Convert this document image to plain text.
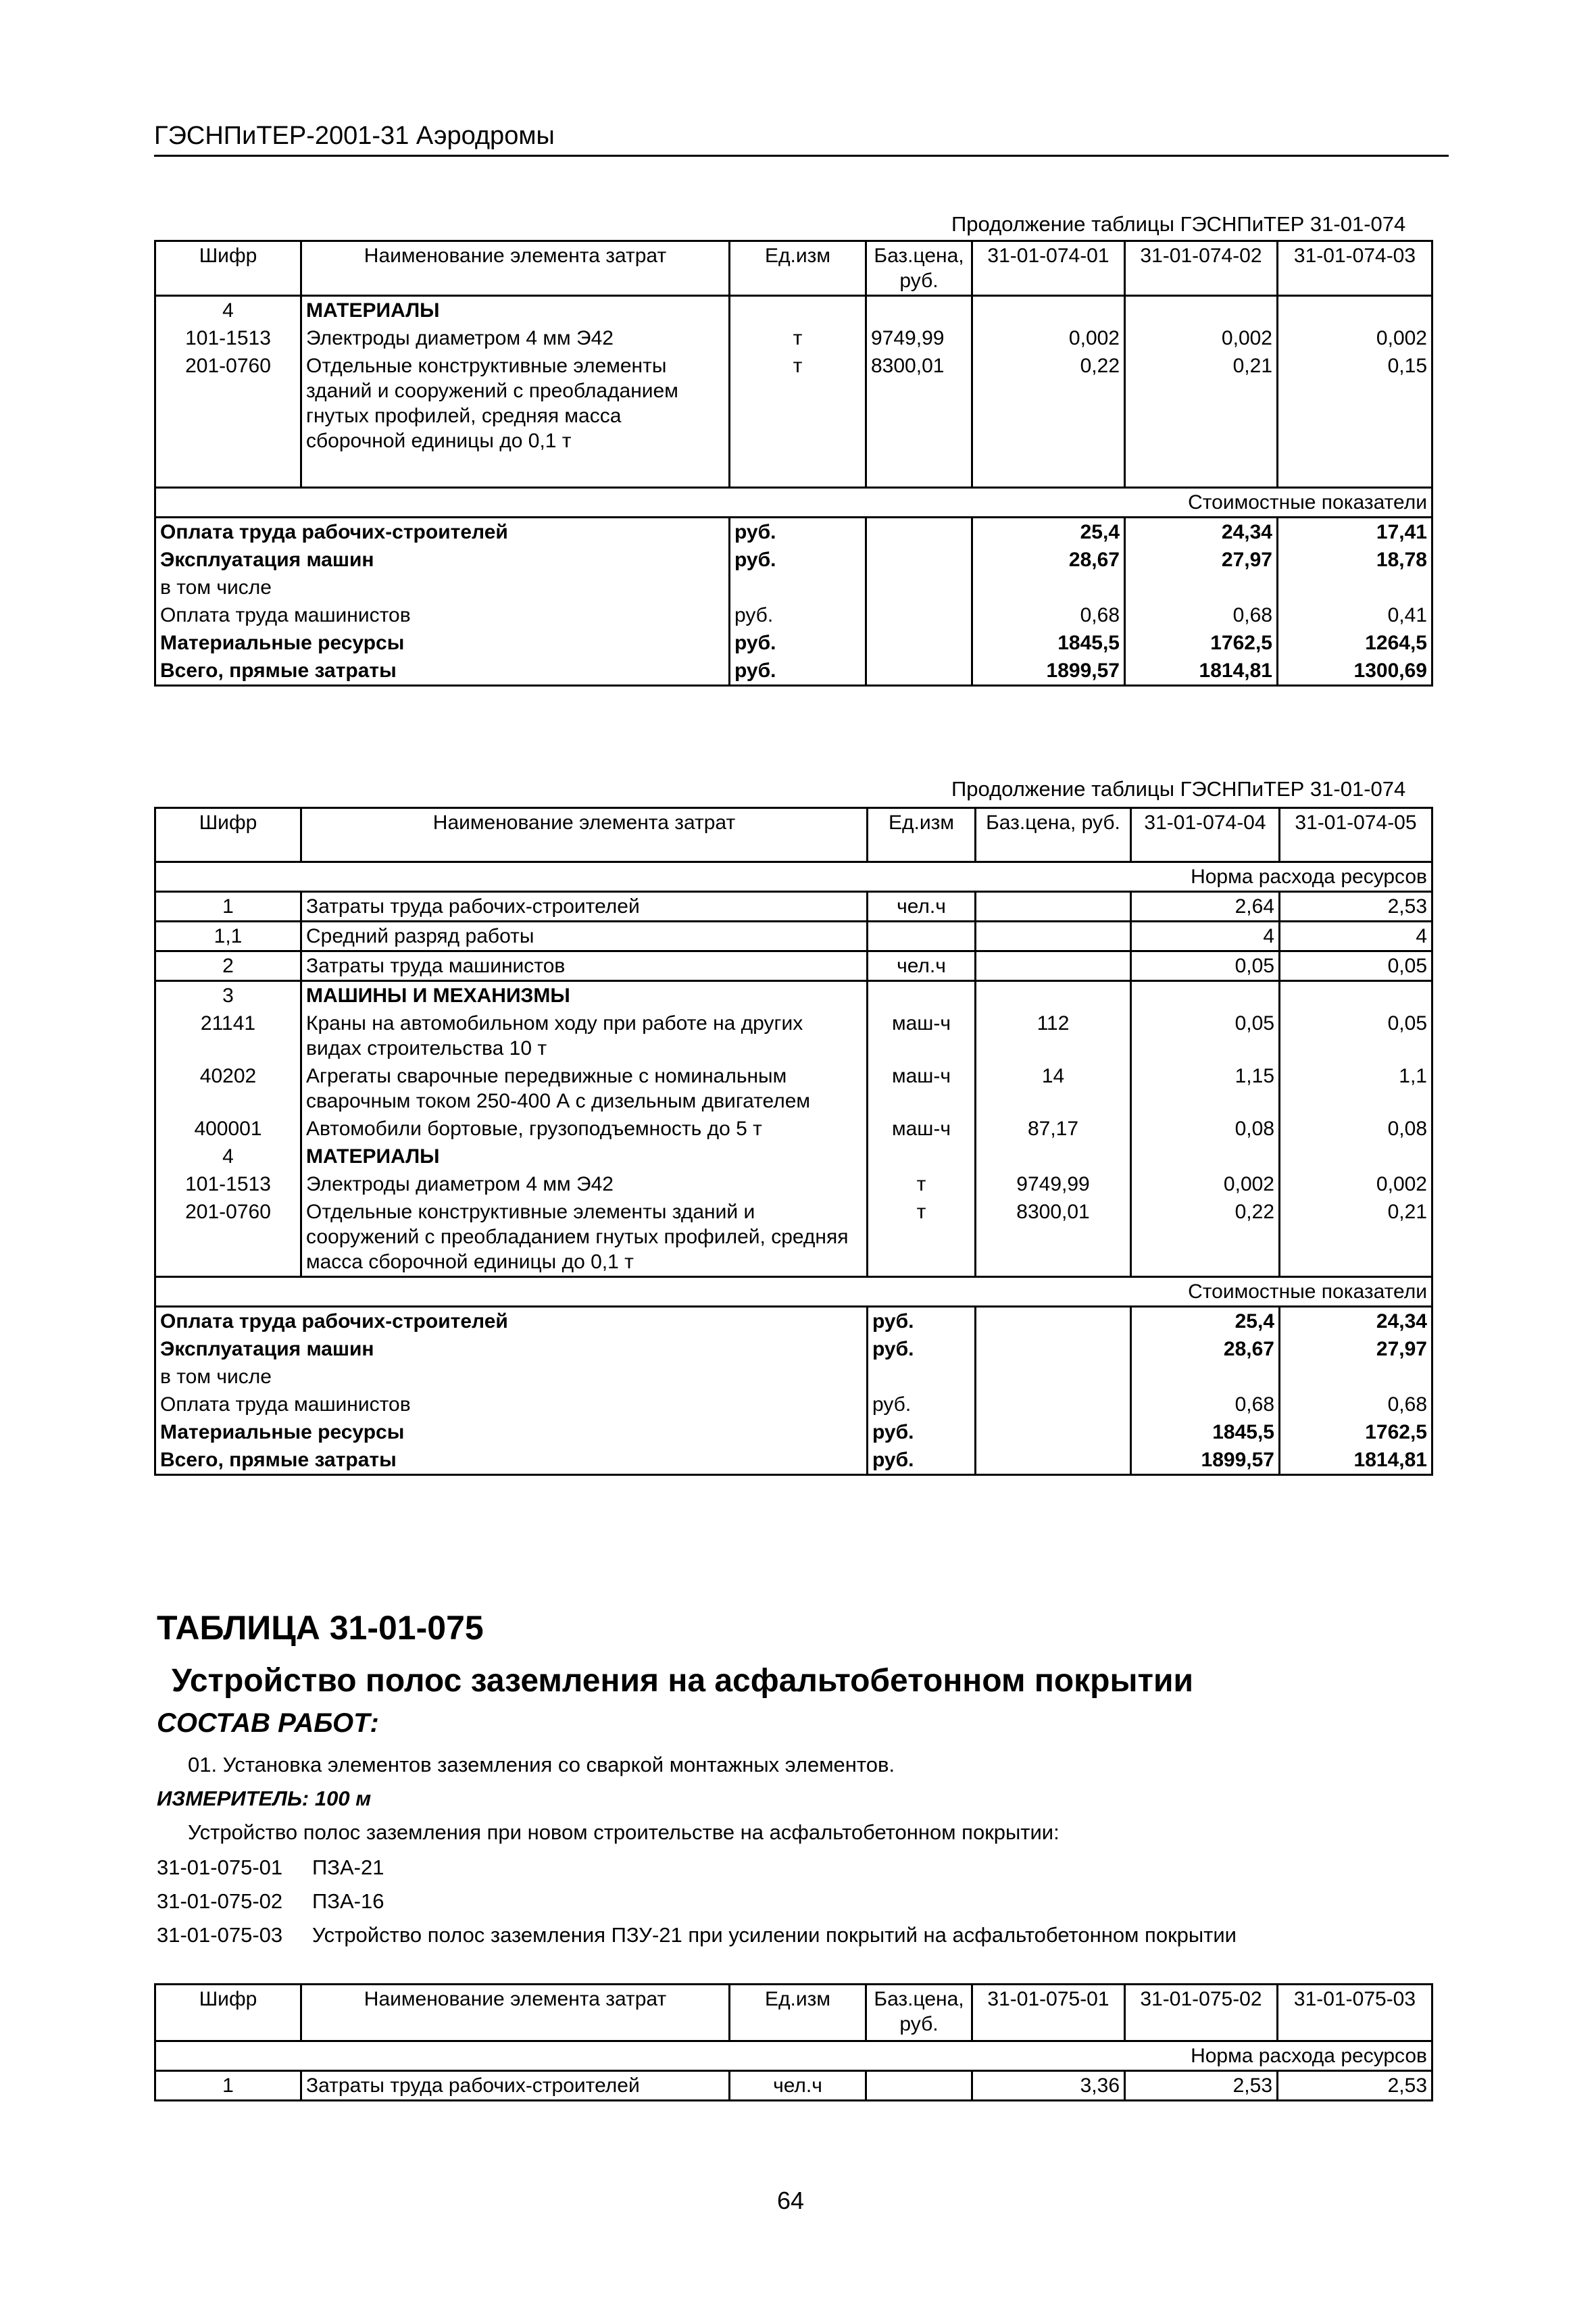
ГЭСНПиТЕР-2001-31 Аэродромы
Продолжение таблицы ГЭСНПиТЕР 31-01-074
Шифр	Наименование элемента затрат	Ед.изм	Баз.цена, руб.	31-01-074-01	31-01-074-02	31-01-074-03
4	МАТЕРИАЛЫ					
101-1513	Электроды диаметром 4 мм Э42	т	9749,99	0,002	0,002	0,002
201-0760	Отдельные конструктивные элементы зданий и сооружений с преобладанием гнутых профилей, средняя масса сборочной единицы до 0,1 т	т	8300,01	0,22	0,21	0,15
Стоимостные показатели						
Оплата труда рабочих-строителей		руб.		25,4	24,34	17,41
Эксплуатация машин		руб.		28,67	27,97	18,78
в том числе						
Оплата труда машинистов		руб.		0,68	0,68	0,41
Материальные ресурсы		руб.		1845,5	1762,5	1264,5
Всего, прямые затраты		руб.		1899,57	1814,81	1300,69
Продолжение таблицы ГЭСНПиТЕР 31-01-074
Шифр	Наименование элемента затрат	Ед.изм	Баз.цена, руб.	31-01-074-04	31-01-074-05
Норма расхода ресурсов					
1	Затраты труда рабочих-строителей	чел.ч		2,64	2,53
1,1	Средний разряд работы			4	4
2	Затраты труда машинистов	чел.ч		0,05	0,05
3	МАШИНЫ И МЕХАНИЗМЫ				
21141	Краны на автомобильном ходу при работе на других видах строительства 10 т	маш-ч	112	0,05	0,05
40202	Агрегаты сварочные передвижные с номинальным сварочным током 250-400 А с дизельным двигателем	маш-ч	14	1,15	1,1
400001	Автомобили бортовые, грузоподъемность до 5 т	маш-ч	87,17	0,08	0,08
4	МАТЕРИАЛЫ				
101-1513	Электроды диаметром 4 мм Э42	т	9749,99	0,002	0,002
201-0760	Отдельные конструктивные элементы зданий и сооружений с преобладанием гнутых профилей, средняя масса сборочной единицы до 0,1 т	т	8300,01	0,22	0,21
Стоимостные показатели					
Оплата труда рабочих-строителей		руб.		25,4	24,34
Эксплуатация машин		руб.		28,67	27,97
в том числе					
Оплата труда машинистов		руб.		0,68	0,68
Материальные ресурсы		руб.		1845,5	1762,5
Всего, прямые затраты		руб.		1899,57	1814,81
ТАБЛИЦА 31-01-075
Устройство полос заземления на асфальтобетонном покрытии
СОСТАВ РАБОТ:
01. Установка элементов заземления со сваркой монтажных элементов.
ИЗМЕРИТЕЛЬ: 100 м
Устройство полос заземления при новом строительстве на асфальтобетонном покрытии:
31-01-075-01 ПЗА-21
31-01-075-02 ПЗА-16
31-01-075-03 Устройство полос заземления ПЗУ-21 при усилении покрытий на асфальтобетонном покрытии
Шифр	Наименование элемента затрат	Ед.изм	Баз.цена, руб.	31-01-075-01	31-01-075-02	31-01-075-03
Норма расхода ресурсов						
1	Затраты труда рабочих-строителей	чел.ч		3,36	2,53	2,53
64
